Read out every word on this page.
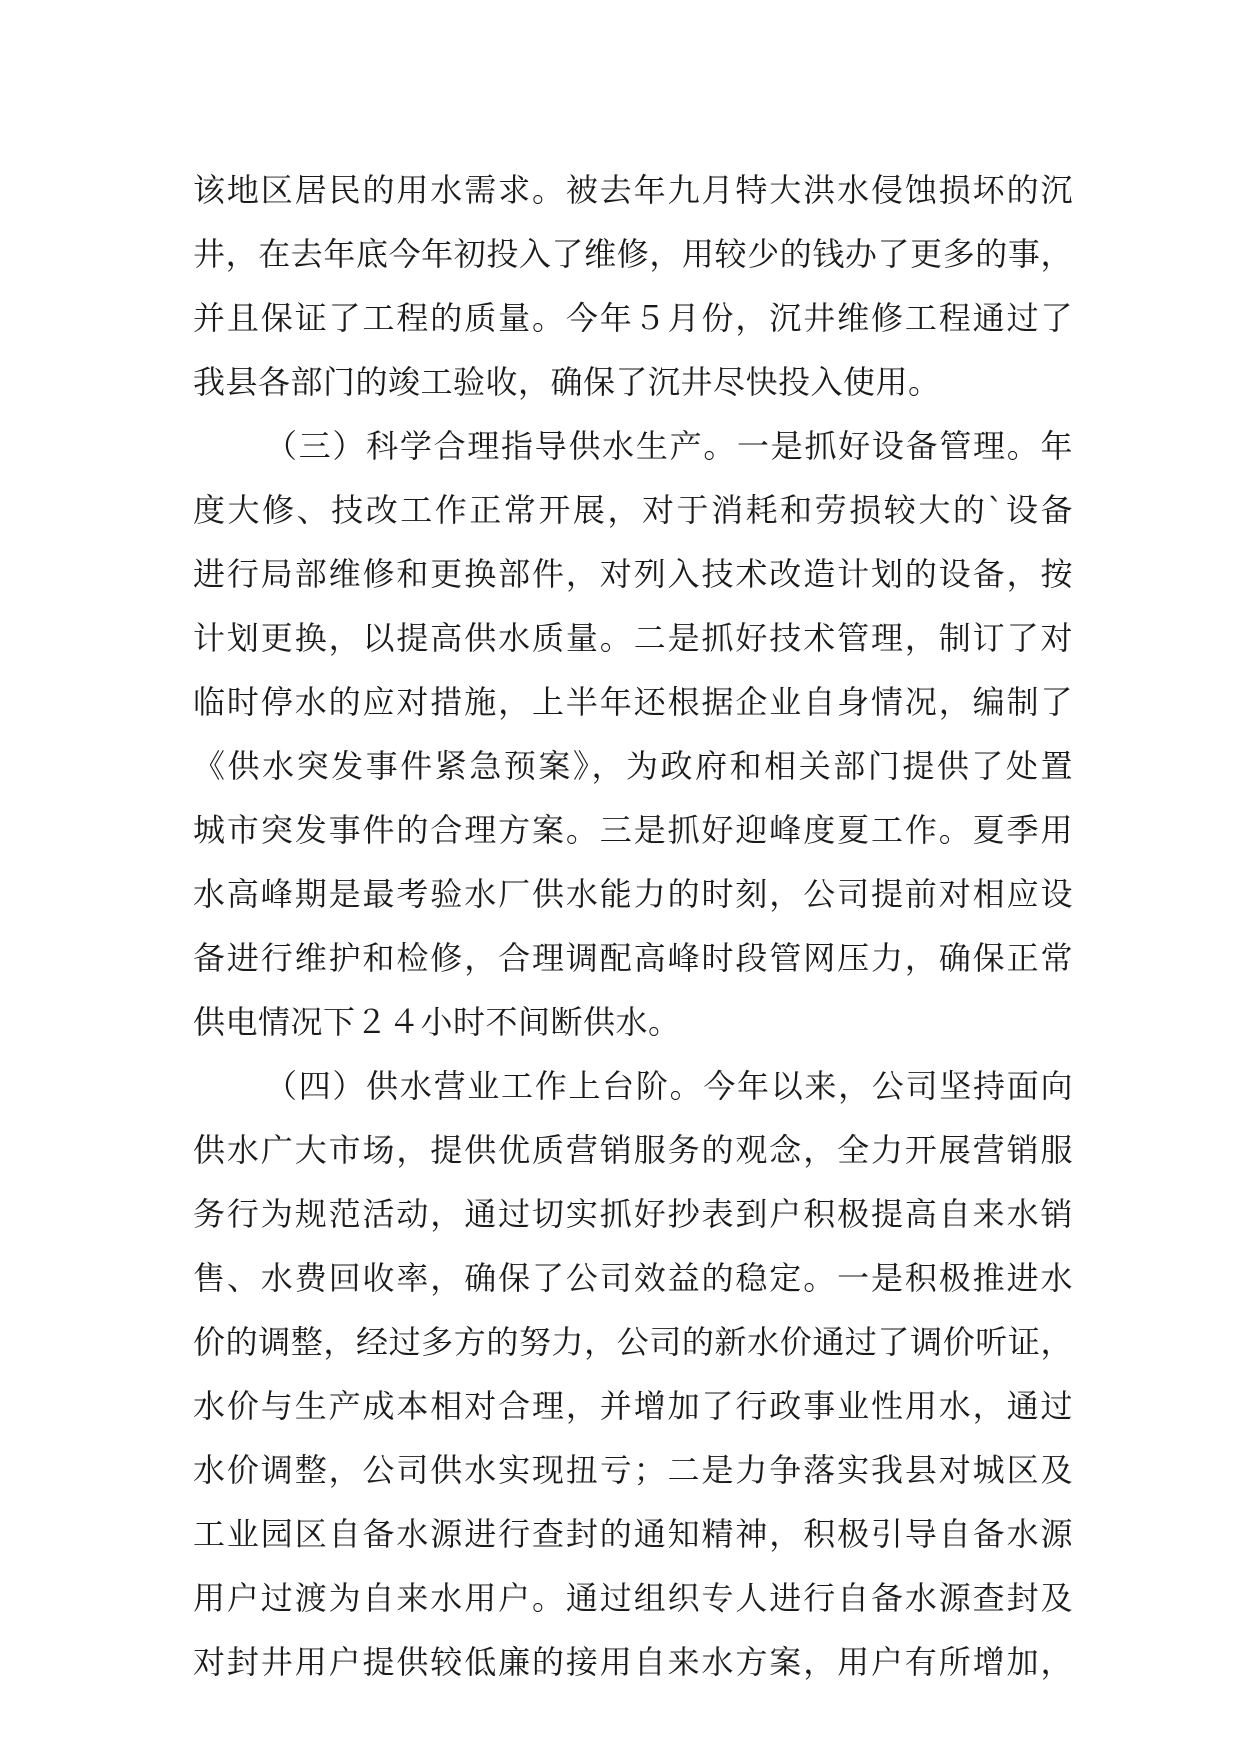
该地区居民的用水需求。被去年九月特大洪水侵蚀损坏的沉
井，在去年底今年初投入了维修，用较少的钱办了更多的事，
并且保证了工程的质量。今年５月份，沉井维修工程通过了
我县各部门的竣工验收，确保了沉井尽快投入使用。
（三）科学合理指导供水生产。一是抓好设备管理。年
度大修、技改工作正常开展，对于消耗和劳损较大的`设备
进行局部维修和更换部件，对列入技术改造计划的设备，按
计划更换，以提高供水质量。二是抓好技术管理，制订了对
临时停水的应对措施，上半年还根据企业自身情况，编制了
《供水突发事件紧急预案》，为政府和相关部门提供了处置
城市突发事件的合理方案。三是抓好迎峰度夏工作。夏季用
水高峰期是最考验水厂供水能力的时刻，公司提前对相应设
备进行维护和检修，合理调配高峰时段管网压力，确保正常
供电情况下２４小时不间断供水。
（四）供水营业工作上台阶。今年以来，公司坚持面向
供水广大市场，提供优质营销服务的观念，全力开展营销服
务行为规范活动，通过切实抓好抄表到户积极提高自来水销
售、水费回收率，确保了公司效益的稳定。一是积极推进水
价的调整，经过多方的努力，公司的新水价通过了调价听证，
水价与生产成本相对合理，并增加了行政事业性用水，通过
水价调整，公司供水实现扭亏；二是力争落实我县对城区及
工业园区自备水源进行查封的通知精神，积极引导自备水源
用户过渡为自来水用户。通过组织专人进行自备水源查封及
对封井用户提供较低廉的接用自来水方案，用户有所增加，
